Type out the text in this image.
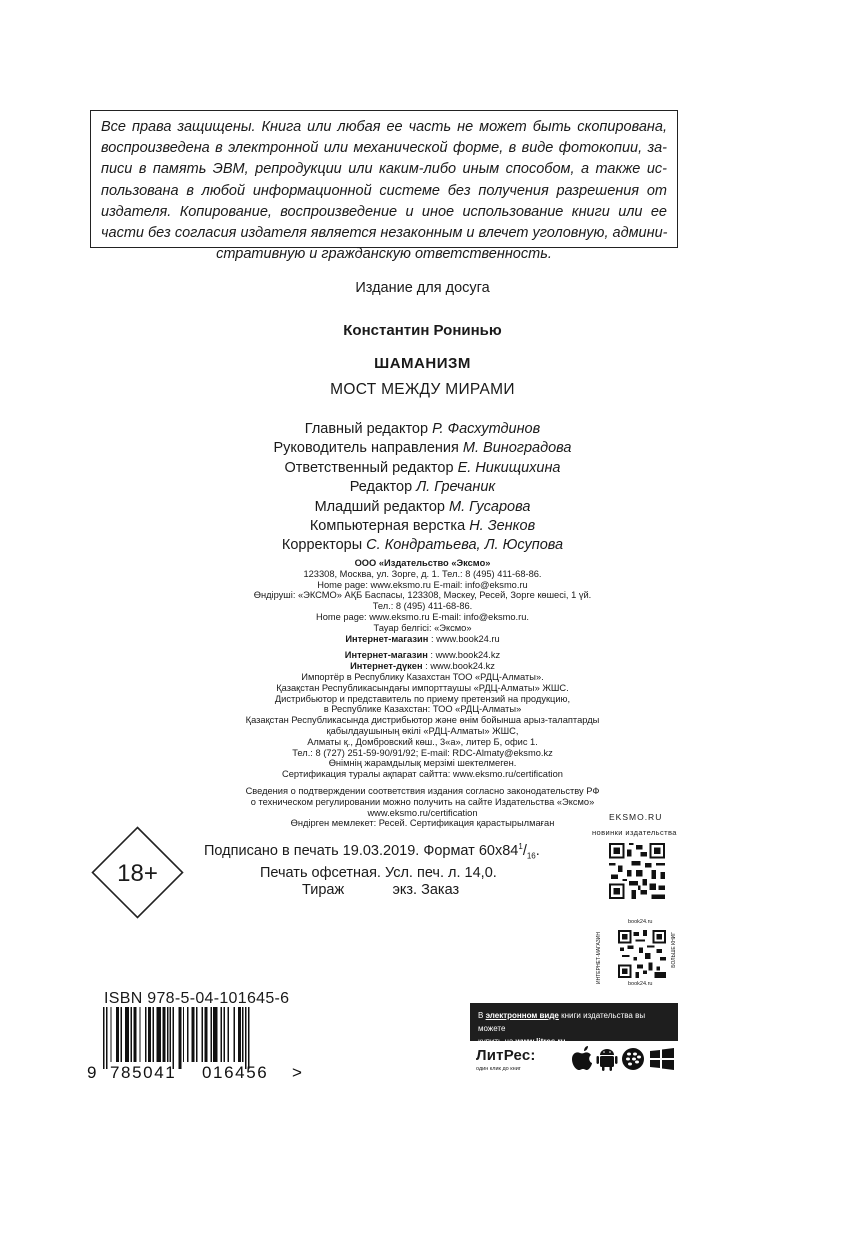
Все права защищены. Книга или любая ее часть не может быть скопирована,
воспроизведена в электронной или механической форме, в виде фотокопии, за-
писи в память ЭВМ, репродукции или каким-либо иным способом, а также ис-
пользована в любой информационной системе без получения разрешения от
издателя. Копирование, воспроизведение и иное использование книги или ее
части без согласия издателя является незаконным и влечет уголовную, админи-
стративную и гражданскую ответственность.
Издание для досуга
Константин Ронинью
ШАМАНИЗМ
МОСТ МЕЖДУ МИРАМИ
Главный редактор Р. Фасхутдинов
Руководитель направления М. Виноградова
Ответственный редактор Е. Никищихина
Редактор Л. Гречаник
Младший редактор М. Гусарова
Компьютерная верстка Н. Зенков
Корректоры С. Кондратьева, Л. Юсупова
ООО «Издательство «Эксмо»
123308, Москва, ул. Зорге, д. 1. Тел.: 8 (495) 411-68-86.
Home page: www.eksmo.ru E-mail: info@eksmo.ru
Өндіруші: «ЭКСМО» АҚБ Баспасы, 123308, Мәскеу, Ресей, Зорге көшесі, 1 үй.
Тел.: 8 (495) 411-68-86.
Home page: www.eksmo.ru E-mail: info@eksmo.ru.
Тауар белгісі: «Эксмо»
Интернет-магазин : www.book24.ru
Интернет-магазин : www.book24.kz
Интернет-дүкен : www.book24.kz
Импортёр в Республику Казахстан ТОО «РДЦ-Алматы».
Қазақстан Республикасындағы импорттаушы «РДЦ-Алматы» ЖШС.
Дистрибьютор и представитель по приему претензий на продукцию,
в Республике Казахстан: ТОО «РДЦ-Алматы»
Қазақстан Республикасында дистрибьютор және өнім бойынша арыз-талаптарды
қабылдаушының өкілі «РДЦ-Алматы» ЖШС,
Алматы қ., Домбровский көш., 3«а», литер Б, офис 1.
Тел.: 8 (727) 251-59-90/91/92; E-mail: RDC-Almaty@eksmo.kz
Өнімнің жарамдылық мерзімі шектелмеген.
Сертификация туралы ақпарат сайтта: www.eksmo.ru/certification
Сведения о подтверждении соответствия издания согласно законодательству РФ
о техническом регулировании можно получить на сайте Издательства «Эксмо»
www.eksmo.ru/certification
Өндірген мемлекет: Ресей. Сертификация қарастырылмаған
18+
Подписано в печать 19.03.2019. Формат $60x84^1/_{16}$.
Печать офсетная. Усл. печ. л. 14,0.
Тираж            экз. Заказ
EKSMO.RU
новинки издательства
book24.ru
ИНТЕРНЕТ-МАГАЗИН	БОЛЬШЕ КНИГ
book24.ru
ISBN 978-5-04-101645-6
9 785041 016456 >
В электронном виде книги издательства вы можете
купить на www.litres.ru
ЛитРес:
один клик до книг
